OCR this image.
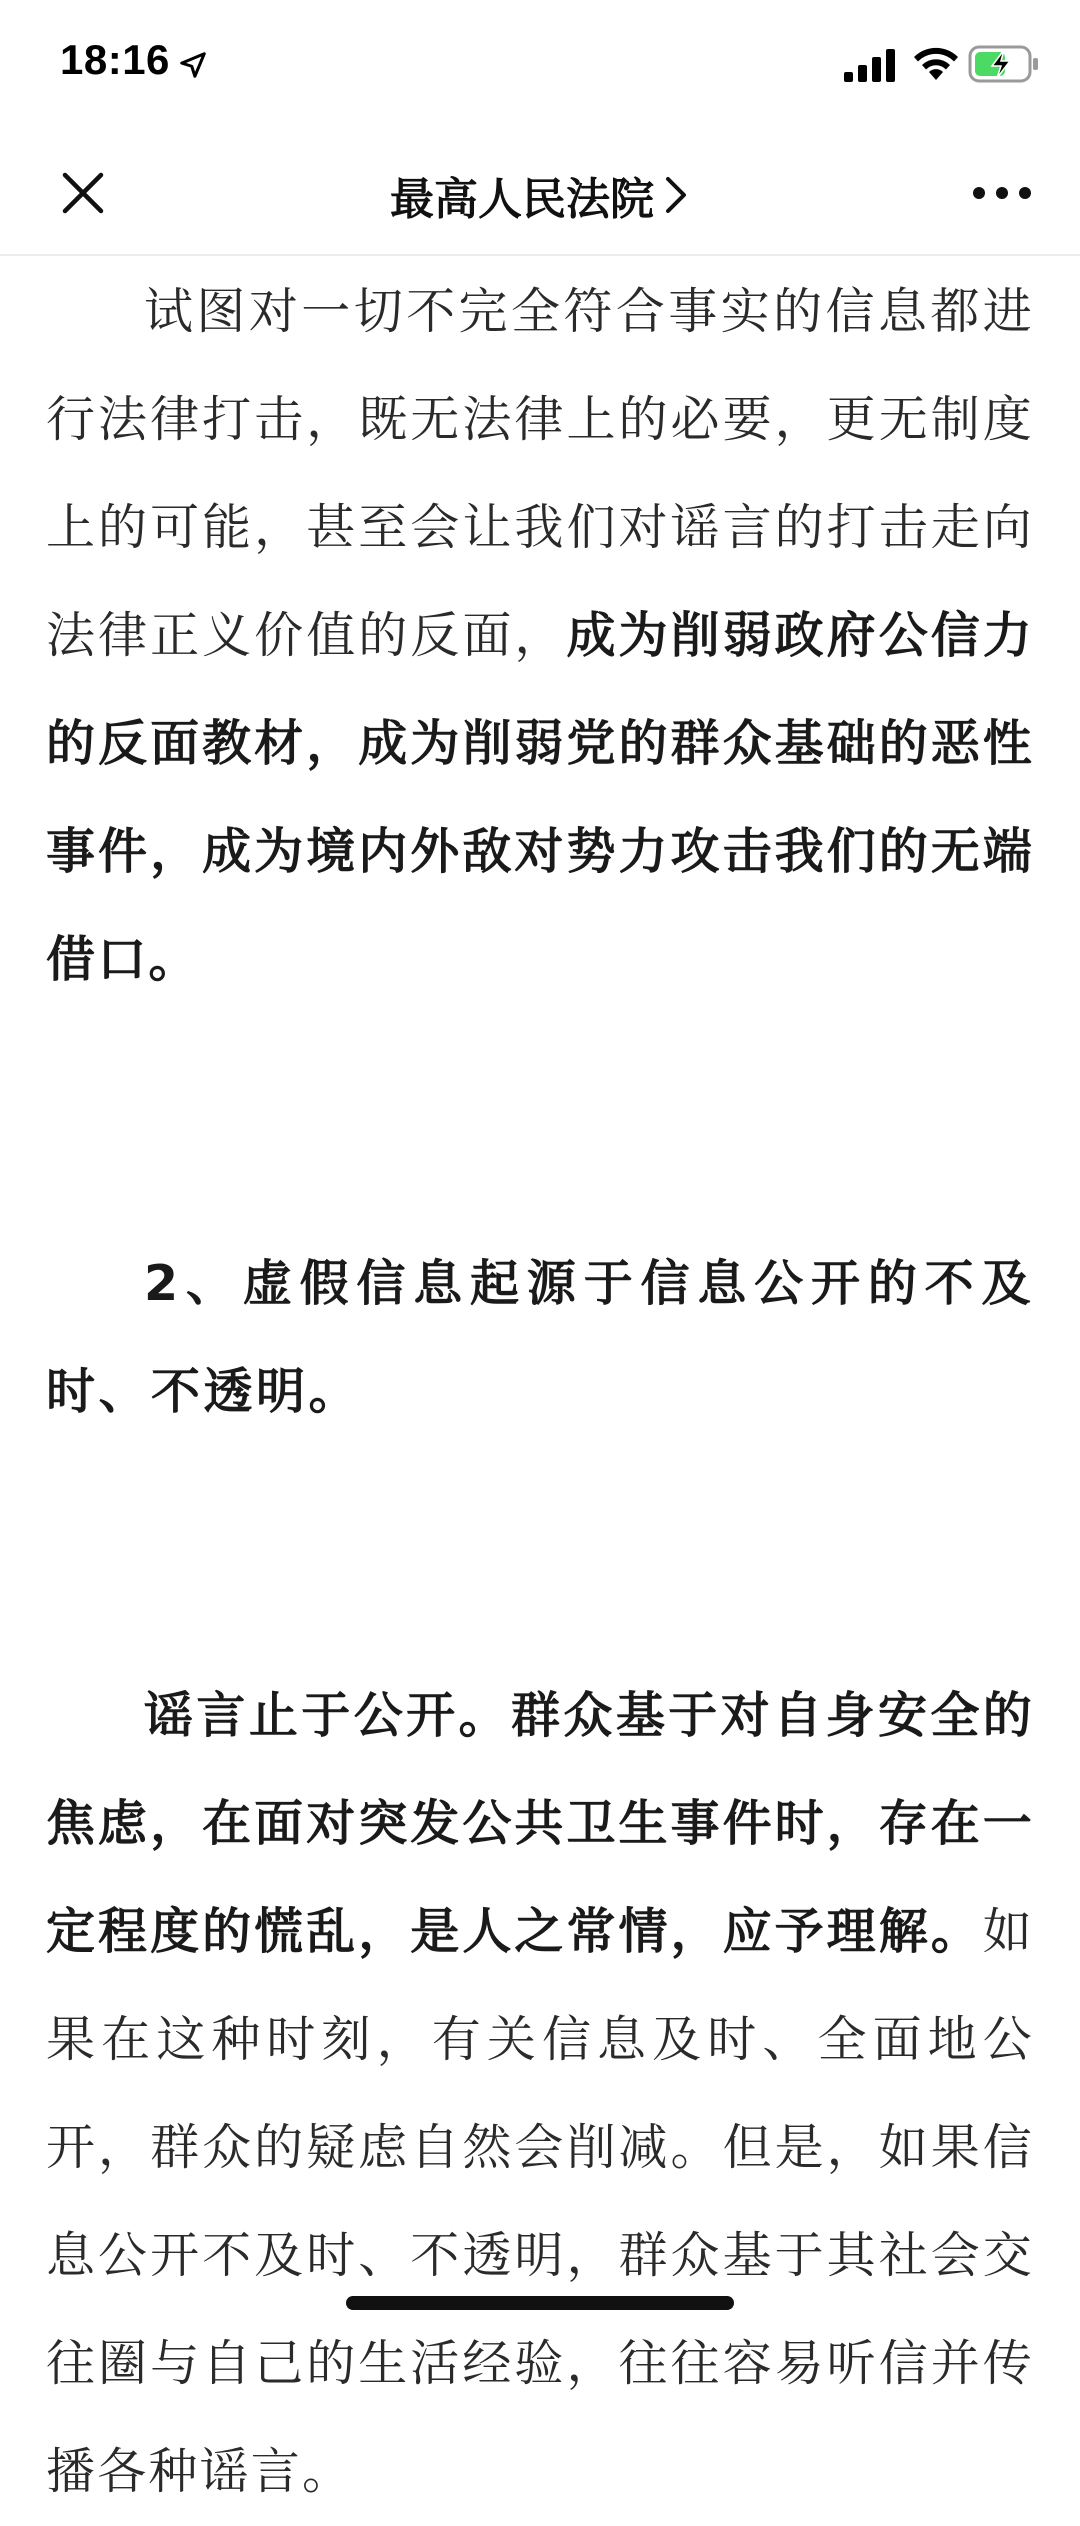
18:16
最高人民法院

试图对一切不完全符合事实的信息都进行法律打击，既无法律上的必要，更无制度上的可能，甚至会让我们对谣言的打击走向法律正义价值的反面，成为削弱政府公信力的反面教材，成为削弱党的群众基础的恶性事件，成为境内外敌对势力攻击我们的无端借口。

2、虚假信息起源于信息公开的不及时、不透明。

谣言止于公开。群众基于对自身安全的焦虑，在面对突发公共卫生事件时，存在一定程度的慌乱，是人之常情，应予理解。如果在这种时刻，有关信息及时、全面地公开，群众的疑虑自然会削减。但是，如果信息公开不及时、不透明，群众基于其社会交往圈与自己的生活经验，往往容易听信并传播各种谣言。
